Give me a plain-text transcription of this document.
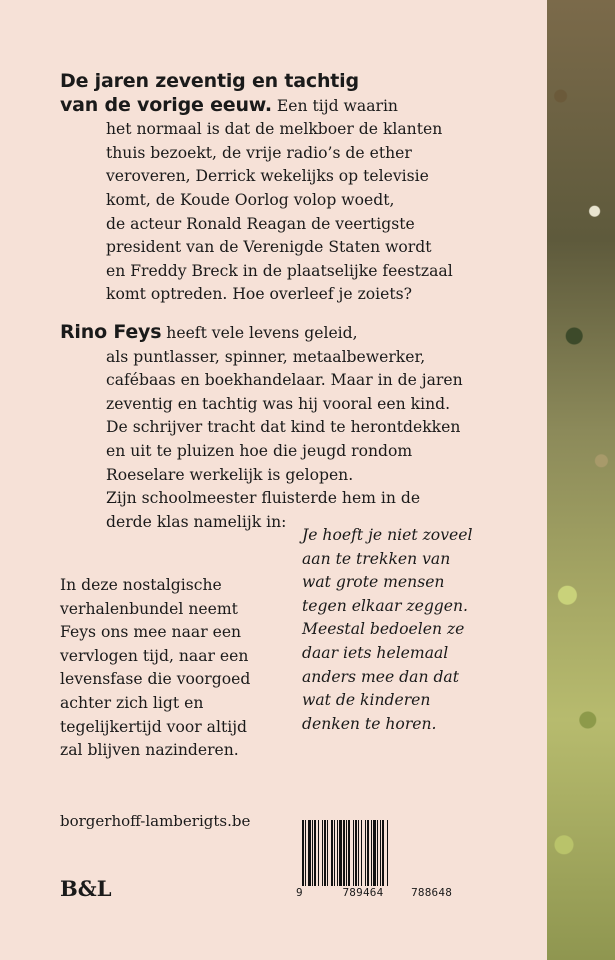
De jaren zeventig en tachtig
van de vorige eeuw. Een tijd waarin
het normaal is dat de melkboer de klanten
thuis bezoekt, de vrije radio’s de ether
veroveren, Derrick wekelijks op televisie
komt, de Koude Oorlog volop woedt,
de acteur Ronald Reagan de veertigste
president van de Verenigde Staten wordt
en Freddy Breck in de plaatselijke feestzaal
komt optreden. Hoe overleef je zoiets?
Rino Feys heeft vele levens geleid,
als puntlasser, spinner, metaalbewerker,
cafébaas en boekhandelaar. Maar in de jaren
zeventig en tachtig was hij vooral een kind.
De schrijver tracht dat kind te herontdekken
en uit te pluizen hoe die jeugd rondom
Roeselare werkelijk is gelopen.
Zijn schoolmeester fluisterde hem in de
derde klas namelijk in:
In deze nostalgische
verhalenbundel neemt
Feys ons mee naar een
vervlogen tijd, naar een
levensfase die voorgoed
achter zich ligt en
tegelijkertijd voor altijd
zal blijven nazinderen.
Je hoeft je niet zoveel
aan te trekken van
wat grote mensen
tegen elkaar zeggen.
Meestal bedoelen ze
daar iets helemaal
anders mee dan dat
wat de kinderen
denken te horen.
borgerhoff-lamberigts.be
B&L	9	789464	788648
